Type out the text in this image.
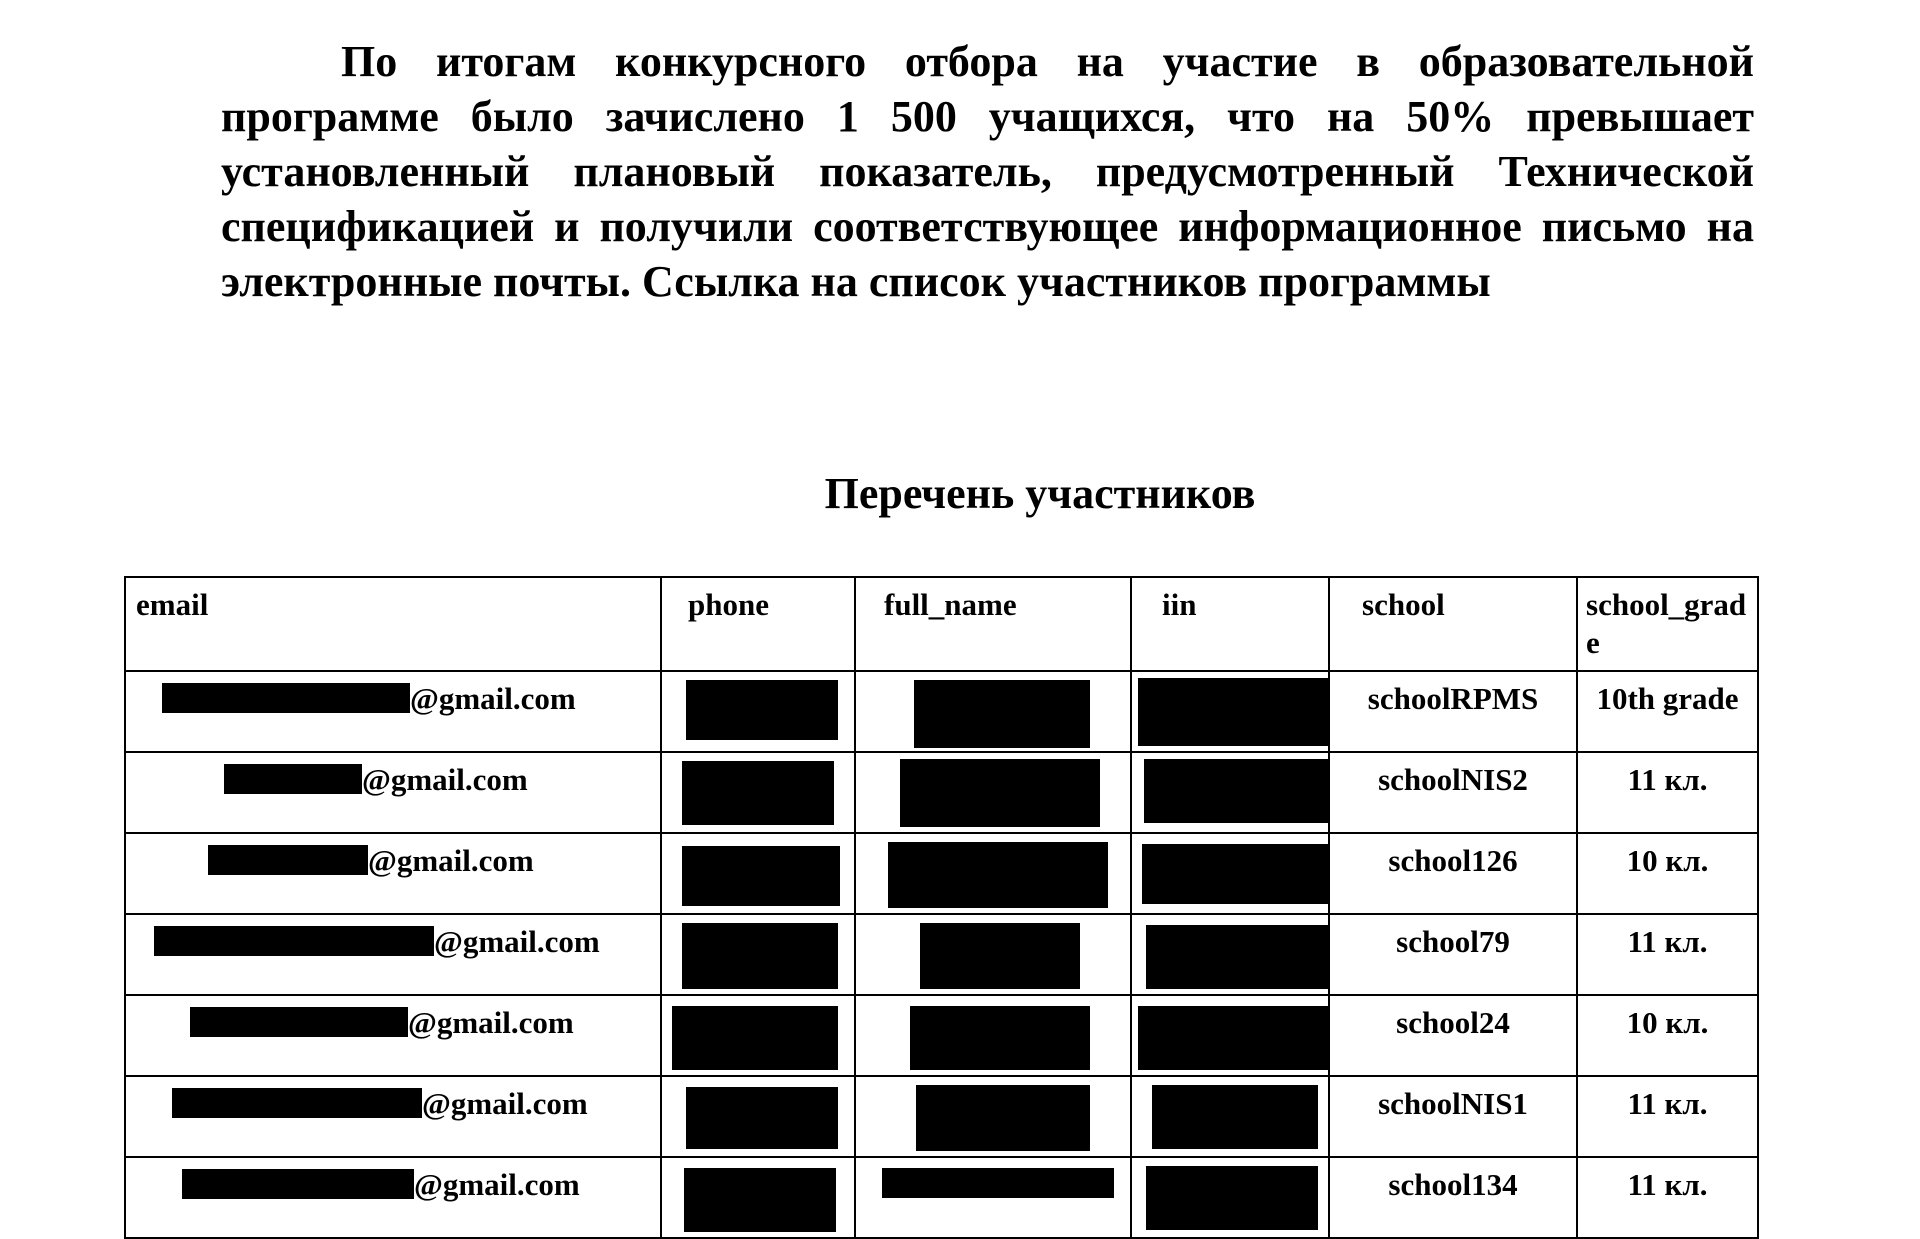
По итогам конкурсного отбора на участие в образовательной программе было зачислено 1 500 учащихся, что на 50% превышает установленный плановый показатель, предусмотренный Технической спецификацией и получили соответствующее информационное письмо на электронные почты. Ссылка на список участников программы

Перечень участников
email	phone	full_name	iin	school	school_grade
@gmail.com				schoolRPMS	10th grade
@gmail.com				schoolNIS2	11 кл.
@gmail.com				school126	10 кл.
@gmail.com				school79	11 кл.
@gmail.com				school24	10 кл.
@gmail.com				schoolNIS1	11 кл.
@gmail.com				school134	11 кл.
